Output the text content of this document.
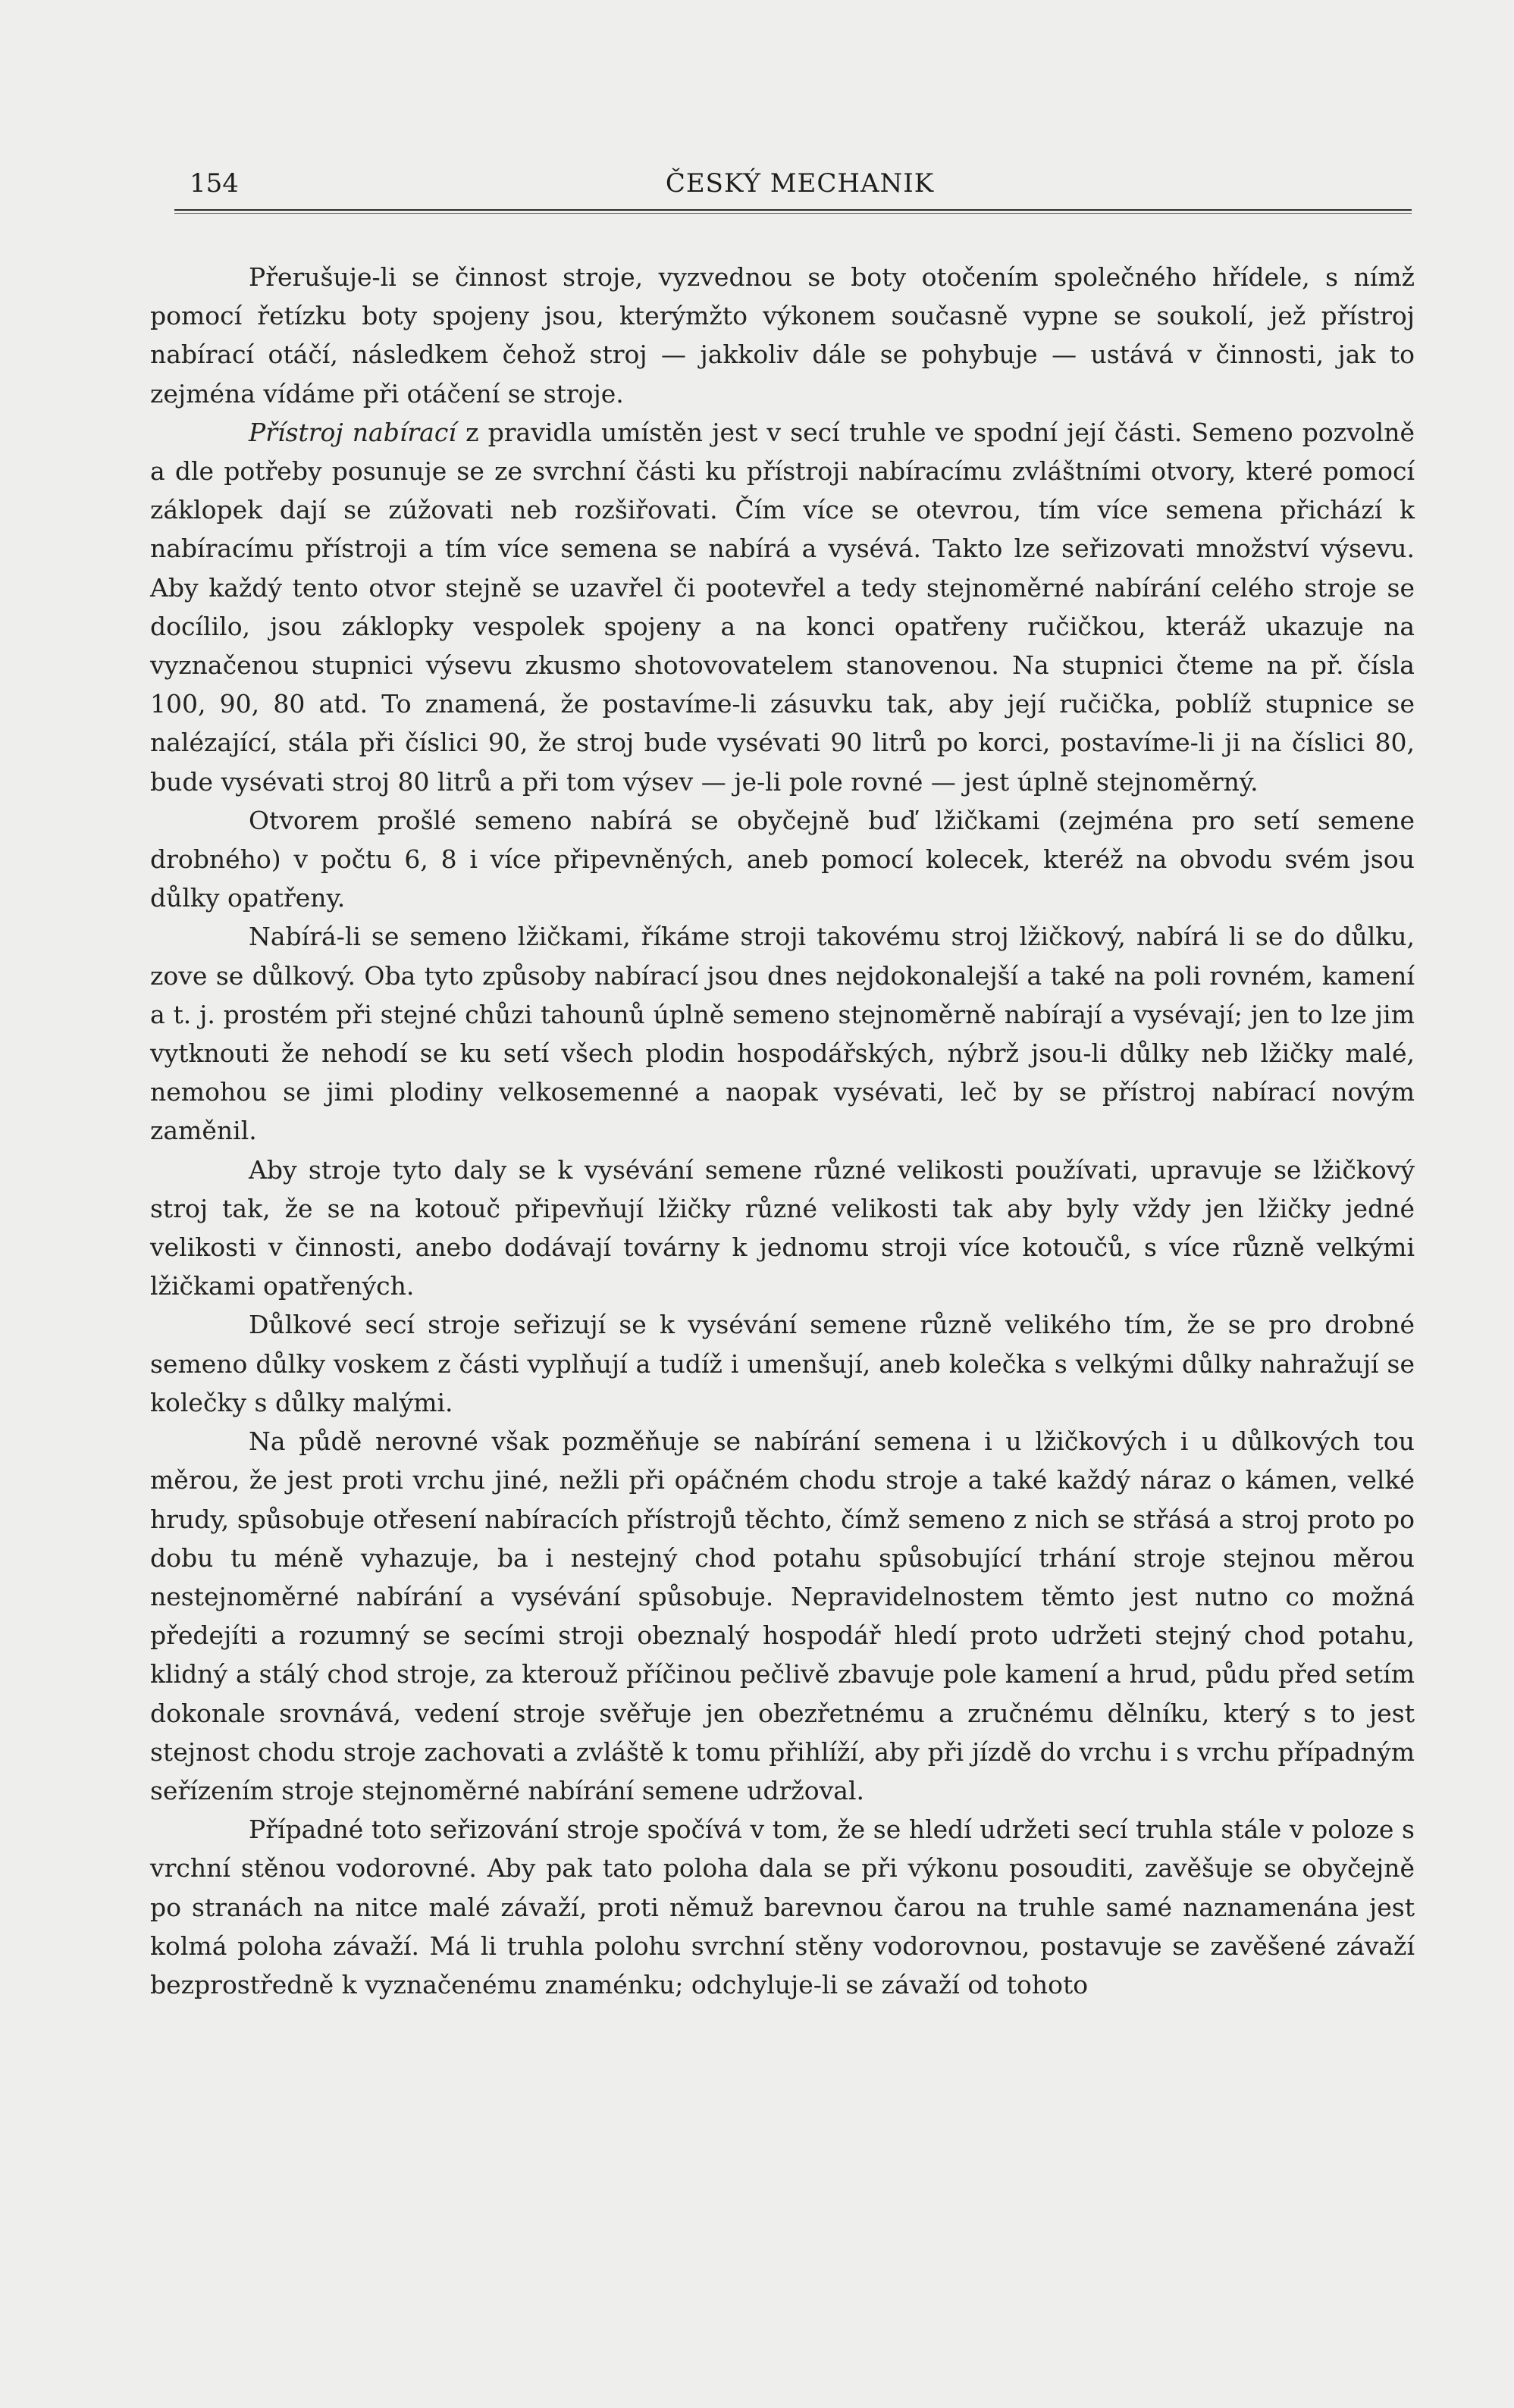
154	ČESKÝ MECHANIK

Přerušuje-li se činnost stroje, vyzvednou se boty otočením společného hřídele, s nímž pomocí řetízku boty spojeny jsou, kterýmžto výkonem současně vypne se soukolí, jež přístroj nabírací otáčí, následkem čehož stroj — jakkoliv dále se pohybuje — ustává v činnosti, jak to zejména vídáme při otáčení se stroje.

Přístroj nabírací z pravidla umístěn jest v secí truhle ve spodní její části. Semeno pozvolně a dle potřeby posunuje se ze svrchní části ku přístroji nabíracímu zvláštními otvory, které pomocí záklopek dají se zúžovati neb rozšiřovati. Čím více se otevrou, tím více semena přichází k nabíracímu přístroji a tím více semena se nabírá a vysévá. Takto lze seřizovati množství výsevu. Aby každý tento otvor stejně se uzavřel či pootevřel a tedy stejnoměrné nabírání celého stroje se docílilo, jsou záklopky vespolek spojeny a na konci opatřeny ručičkou, kteráž ukazuje na vyznačenou stupnici výsevu zkusmo shotovovatelem stanovenou. Na stupnici čteme na př. čísla 100, 90, 80 atd. To znamená, že postavíme-li zásuvku tak, aby její ručička, poblíž stupnice se nalézající, stála při číslici 90, že stroj bude vysévati 90 litrů po korci, postavíme-li ji na číslici 80, bude vysévati stroj 80 litrů a při tom výsev — je-li pole rovné — jest úplně stejnoměrný.

Otvorem prošlé semeno nabírá se obyčejně buď lžičkami (zejména pro setí semene drobného) v počtu 6, 8 i více připevněných, aneb pomocí kolecek, kteréž na obvodu svém jsou důlky opatřeny.

Nabírá-li se semeno lžičkami, říkáme stroji takovému stroj lžičkový, nabírá li se do důlku, zove se důlkový. Oba tyto způsoby nabírací jsou dnes nejdokonalejší a také na poli rovném, kamení a t. j. prostém při stejné chůzi tahounů úplně semeno stejnoměrně nabírají a vysévají; jen to lze jim vytknouti že nehodí se ku setí všech plodin hospodářských, nýbrž jsou-li důlky neb lžičky malé, nemohou se jimi plodiny velkosemenné a naopak vysévati, leč by se přístroj nabírací novým zaměnil.

Aby stroje tyto daly se k vysévání semene různé velikosti používati, upravuje se lžičkový stroj tak, že se na kotouč připevňují lžičky různé velikosti tak aby byly vždy jen lžičky jedné velikosti v činnosti, anebo dodávají továrny k jednomu stroji více kotoučů, s více různě velkými lžičkami opatřených.

Důlkové secí stroje seřizují se k vysévání semene různě velikého tím, že se pro drobné semeno důlky voskem z části vyplňují a tudíž i umenšují, aneb kolečka s velkými důlky nahražují se kolečky s důlky malými.

Na půdě nerovné však pozměňuje se nabírání semena i u lžičkových i u důlkových tou měrou, že jest proti vrchu jiné, nežli při opáčném chodu stroje a také každý náraz o kámen, velké hrudy, spůsobuje otřesení nabíracích přístrojů těchto, čímž semeno z nich se střásá a stroj proto po dobu tu méně vyhazuje, ba i nestejný chod potahu spůsobující trhání stroje stejnou měrou nestejnoměrné nabírání a vysévání spůsobuje. Nepravidelnostem těmto jest nutno co možná předejíti a rozumný se secími stroji obeznalý hospodář hledí proto udržeti stejný chod potahu, klidný a stálý chod stroje, za kterouž příčinou pečlivě zbavuje pole kamení a hrud, půdu před setím dokonale srovnává, vedení stroje svěřuje jen obezřetnému a zručnému dělníku, který s to jest stejnost chodu stroje zachovati a zvláště k tomu přihlíží, aby při jízdě do vrchu i s vrchu případným seřízením stroje stejnoměrné nabírání semene udržoval.

Případné toto seřizování stroje spočívá v tom, že se hledí udržeti secí truhla stále v poloze s vrchní stěnou vodorovné. Aby pak tato poloha dala se při výkonu posouditi, zavěšuje se obyčejně po stranách na nitce malé závaží, proti němuž barevnou čarou na truhle samé naznamenána jest kolmá poloha závaží. Má li truhla polohu svrchní stěny vodorovnou, postavuje se zavěšené závaží bezprostředně k vyznačenému znaménku; odchyluje-li se závaží od tohoto
